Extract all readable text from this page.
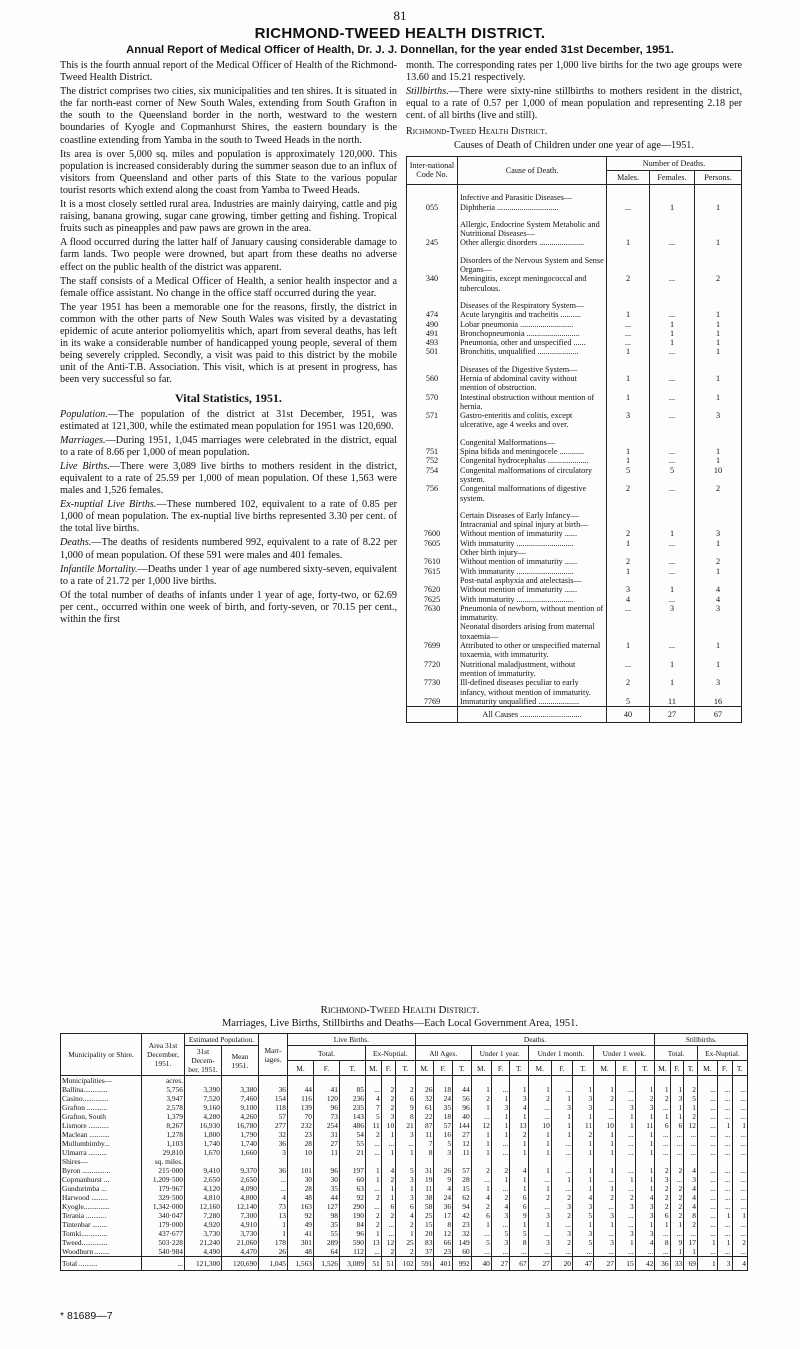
81
RICHMOND-TWEED HEALTH DISTRICT.
Annual Report of Medical Officer of Health, Dr. J. J. Donnellan, for the year ended 31st December, 1951.

This is the fourth annual report of the Medical Officer of Health of the Richmond-Tweed Health District.

The district comprises two cities, six municipalities and ten shires. It is situated in the far north-east corner of New South Wales, extending from South Grafton in the south to the Queensland border in the north, westward to the western boundaries of Kyogle and Copmanhurst Shires, the eastern boundary is the coastline extending from Yamba in the south to Tweed Heads in the north.

Its area is over 5,000 sq. miles and population is approximately 120,000. This population is increased considerably during the summer season due to an influx of visitors from Queensland and other parts of this State to the various popular tourist resorts which extend along the coast from Yamba to Tweed Heads.

It is a most closely settled rural area. Industries are mainly dairying, cattle and pig raising, banana growing, sugar cane growing, timber getting and fishing. Tropical fruits such as pineapples and paw paws are grown in the area.

A flood occurred during the latter half of January causing considerable damage to farm lands. Two people were drowned, but apart from these deaths no adverse effect on the public health of the district was apparent.

The staff consists of a Medical Officer of Health, a senior health inspector and a female office assistant. No change in the office staff occurred during the year.

The year 1951 has been a memorable one for the reasons, firstly, the district in common with the other parts of New South Wales was visited by a devastating epidemic of acute anterior poliomyelitis which, apart from several deaths, has left in its wake a considerable number of handicapped young people, several of them being severely crippled. Secondly, a visit was paid to this district by the mobile unit of the Anti-T.B. Association. This visit, which is at present in progress, has been very successful so far.

Vital Statistics, 1951.

Population.—The population of the district at 31st December, 1951, was estimated at 121,300, while the estimated mean population for 1951 was 120,690.

Marriages.—During 1951, 1,045 marriages were celebrated in the district, equal to a rate of 8.66 per 1,000 of mean population.

Live Births.—There were 3,089 live births to mothers resident in the district, equivalent to a rate of 25.59 per 1,000 of mean population. Of these 1,563 were males and 1,526 females.

Ex-nuptial Live Births.—These numbered 102, equivalent to a rate of 0.85 per 1,000 of mean population. The ex-nuptial live births represented 3.30 per cent. of the total live births.

Deaths.—The deaths of residents numbered 992, equivalent to a rate of 8.22 per 1,000 of mean population. Of these 591 were males and 401 females.

Infantile Mortality.—Deaths under 1 year of age numbered sixty-seven, equivalent to a rate of 21.72 per 1,000 live births.

Of the total number of deaths of infants under 1 year of age, forty-two, or 62.69 per cent., occurred within one week of birth, and forty-seven, or 70.15 per cent., within the first

month. The corresponding rates per 1,000 live births for the two age groups were 13.60 and 15.21 respectively.

Stillbirths.—There were sixty-nine stillbirths to mothers resident in the district, equal to a rate of 0.57 per 1,000 of mean population and representing 2.18 per cent. of all births (live and still).

Richmond-Tweed Health District.

Causes of Death of Children under one year of age—1951.

Inter-national Code No.	Cause of Death.	Number of Deaths.		
		Males.	Females.	Persons.
	Infective and Parasitic Diseases—			
055	Diphtheria ..............................	...	1	1
	Allergic, Endocrine System Metabolic and Nutritional Diseases—			
245	Other allergic disorders ......................	1	...	1
	Disorders of the Nervous System and Sense Organs—			
340	Meningitis, except meningococcal and tuberculous.	2	...	2
	Diseases of the Respiratory System—			
474	Acute laryngitis and tracheitis ..........	1	...	1
490	Lobar pneumonia ..........................	...	1	1
491	Bronchopneumonia ..........................	...	1	1
493	Pneumonia, other and unspecified ......	...	1	1
501	Bronchitis, unqualified ....................	1	...	1
	Diseases of the Digestive System—			
560	Hernia of abdominal cavity without mention of obstruction.	1	...	1
570	Intestinal obstruction without mention of hernia.	1	...	1
571	Gastro-enteritis and colitis, except ulcerative, age 4 weeks and over.	3	...	3
	Congenital Malformations—			
751	Spina bifida and meningocele ............	1	...	1
752	Congenital hydrocephalus ....................	1	...	1
754	Congenital malformations of circulatory system.	5	5	10
756	Congenital malformations of digestive system.	2	...	2
	Certain Diseases of Early Infancy— Intracranial and spinal injury at birth—			
7600	Without mention of immaturity ......	2	1	3
7605	With immaturity ............................	1	...	1
	Other birth injury—			
7610	Without mention of immaturity ......	2	...	2
7615	With immaturity ............................	1	...	1
	Post-natal asphyxia and atelectasis—			
7620	Without mention of immaturity ......	3	1	4
7625	With immaturity ............................	4	...	4
7630	Pneumonia of newborn, without mention of immaturity.	...	3	3
	Neonatal disorders arising from maternal toxaemia—			
7699	Attributed to other or unspecified maternal toxaemia, with immaturity.	1	...	1
7720	Nutritional maladjustment, without mention of immaturity.	...	1	1
7730	Ill-defined diseases peculiar to early infancy, without mention of immaturity.	2	1	3
7769	Immaturity unqualified ....................	5	11	16
	All Causes ..............................	40	27	67
Richmond-Tweed Health District.
Marriages, Live Births, Stillbirths and Deaths—Each Local Government Area, 1951.
Municipality or Shire.	Area 31st December, 1951.	Estimated Population.		Marr-iages.	Live Births.						Deaths.												Stillbirths.					
		31st Decem-ber, 1951.	Mean 1951.		Total.			Ex-Nuptial.			All Ages.			Under 1 year.			Under 1 month.			Under 1 week.			Total.			Ex-Nuptial.		
					M.	F.	T.	M.	F.	T.	M.	F.	T.	M.	F.	T.	M.	F.	T.	M.	F.	T.	M.	F.	T.	M.	F.	T.
Municipalities—	acres.																											
Ballina.............	5,756	3,390	3,380	36	44	41	85	...	2	2	26	18	44	1	...	1	1	...	1	1	...	1	1	1	2	...	...	...
Casino..............	3,947	7,520	7,460	154	116	120	236	4	2	6	32	24	56	2	1	3	2	1	3	2	...	2	2	3	5	...	...	...
Grafton ...........	2,578	9,160	9,100	118	139	96	235	7	2	9	61	35	96	1	3	4	...	3	3	...	3	3	...	1	1	...	...	...
Grafton, South	1,379	4,280	4,260	57	70	73	143	5	3	8	22	18	40	...	1	1	...	1	1	...	1	1	1	1	2	...	...	...
Lismore ...........	8,267	16,930	16,780	277	232	254	486	11	10	21	87	57	144	12	1	13	10	1	11	10	1	11	6	6	12	...	1	1
Maclean ...........	1,278	1,800	1,790	32	23	31	54	2	1	3	11	16	27	1	1	2	1	1	2	1	...	1	...	...	...	...	...	...
Mullumbimby...	1,103	1,740	1,740	36	28	27	55	...	...	...	7	5	12	1	...	1	1	...	1	1	...	1	...	...	...	...	...	...
Ulmarra ..........	29,810	1,670	1,660	3	10	11	21	...	1	1	8	3	11	1	...	1	1	...	1	1	...	1	...	...	...	...	...	...
Shires—	sq. miles.																											
Byron ...............	215·000	9,410	9,370	36	101	96	197	1	4	5	31	26	57	2	2	4	1	...	1	1	...	1	2	2	4	...	...	...
Copmanhurst ...	1,209·500	2,650	2,650	...	30	30	60	1	2	3	19	9	28	...	1	1	...	1	1	...	1	1	3	...	3	...	...	...
Gundurimba ...	179·967	4,120	4,090	...	28	35	63	...	1	1	11	4	15	1	...	1	1	...	1	1	...	1	2	2	4	...	...	...
Harwood .........	329·500	4,810	4,800	4	48	44	92	2	1	3	38	24	62	4	2	6	2	2	4	2	2	4	2	2	4	...	...	...
Kyogle..............	1,342·000	12,160	12,140	73	163	127	290	...	6	6	58	36	94	2	4	6	...	3	3	...	3	3	2	2	4	...	...	...
Terania ...........	340·047	7,280	7,300	13	92	98	190	2	2	4	25	17	42	6	3	9	3	2	5	3	...	3	6	2	8	...	1	1
Tintenbar ........	179·000	4,920	4,910	1	49	35	84	2	...	2	15	8	23	1	...	1	1	...	1	1	...	1	1	1	2	...	...	...
Tomki..............	437·677	3,730	3,730	1	41	55	96	1	...	1	20	12	32	...	5	5	...	3	3	...	3	3	...	...	...	...	...	...
Tweed..............	503·228	21,240	21,060	178	301	289	590	13	12	25	83	66	149	5	3	8	3	2	5	3	1	4	8	9	17	1	1	2
Woodburn ........	540·984	4,490	4,470	26	48	64	112	...	2	2	37	23	60	...	...	...	...	...	...	...	...	...	...	1	1	...	...	...
Total ..........	...	121,300	120,690	1,045	1,563	1,526	3,089	51	51	102	591	401	992	40	27	67	27	20	47	27	15	42	36	33	69	1	3	4
* 81689—7
